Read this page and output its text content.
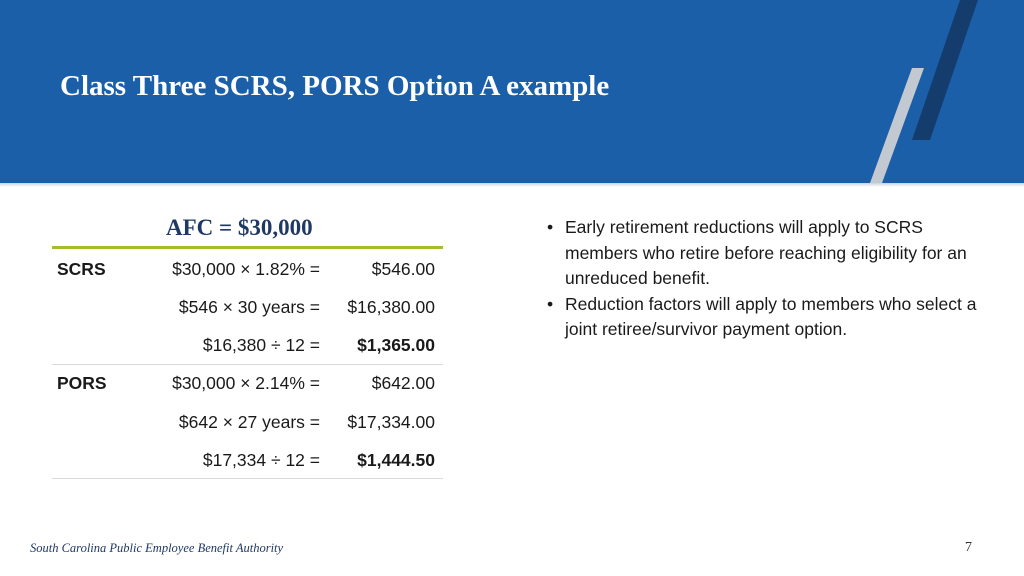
Class Three SCRS, PORS Option A example
AFC = $30,000
SCRS	$30,000 × 1.82% =	$546.00
$546 × 30 years = $16,380.00
$16,380 ÷ 12 = $1,365.00
PORS	$30,000 × 2.14% =	$642.00
$642 × 27 years = $17,334.00
$17,334 ÷ 12 = $1,444.50
• Early retirement reductions will apply to SCRS members who retire before reaching eligibility for an unreduced benefit.
• Reduction factors will apply to members who select a joint retiree/survivor payment option.
South Carolina Public Employee Benefit Authority	7
